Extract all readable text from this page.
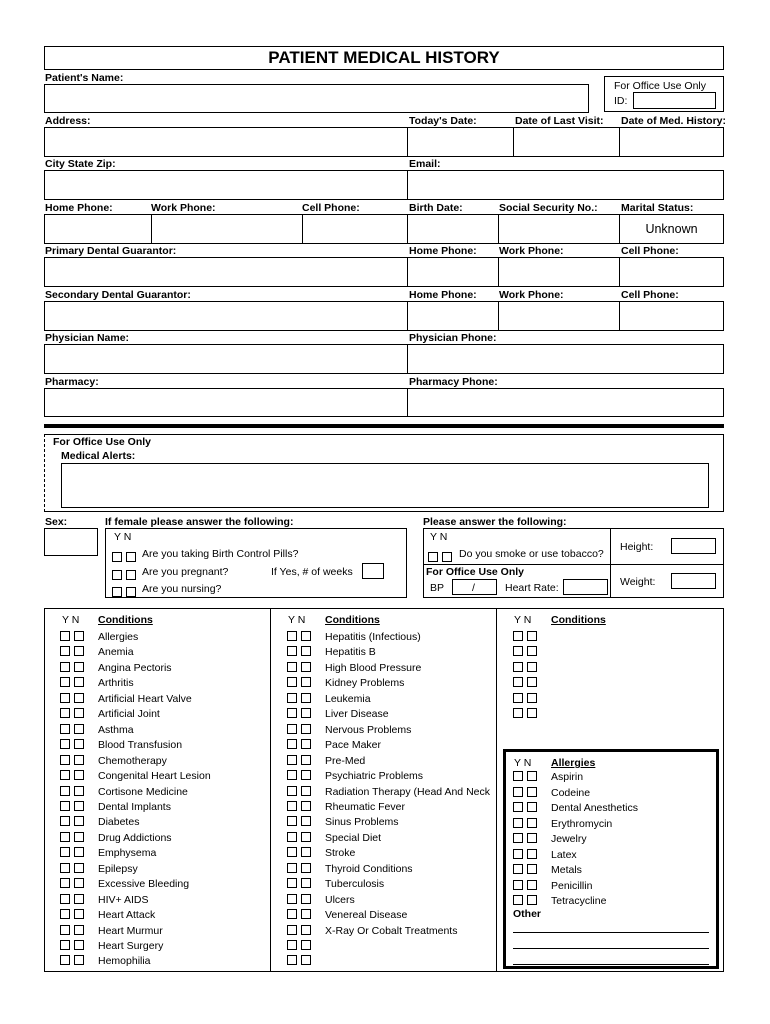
PATIENT MEDICAL HISTORY
Patient's Name:
For Office Use Only
ID:
Address:	Today's Date:	Date of Last Visit: Date of Med. History:
City State Zip:	Email:
Home Phone:	Work Phone:	Cell Phone:	Birth Date:	Social Security No.: Marital Status:
Unknown
Primary Dental Guarantor:	Home Phone: Work Phone:	Cell Phone:
Secondary Dental Guarantor:	Home Phone: Work Phone:	Cell Phone:
Physician Name:	Physician Phone:
Pharmacy:	Pharmacy Phone:
For Office Use Only
Medical Alerts:
Sex:	If female please answer the following:
Y N
Are you taking Birth Control Pills?
Are you pregnant?	If Yes, # of weeks
Are you nursing?
Please answer the following:
Y N
Do you smoke or use tobacco?
For Office Use Only
BP	/	Heart Rate:
Height:
Weight:
Y N Conditions	Y N Conditions	Y N Conditions
Allergies
Anemia
Angina Pectoris
Arthritis
Artificial Heart Valve
Artificial Joint
Asthma
Blood Transfusion
Chemotherapy
Congenital Heart Lesion
Cortisone Medicine
Dental Implants
Diabetes
Drug Addictions
Emphysema
Epilepsy
Excessive Bleeding
HIV+ AIDS
Heart Attack
Heart Murmur
Heart Surgery
Hemophilia
Hepatitis (Infectious)
Hepatitis B
High Blood Pressure
Kidney Problems
Leukemia
Liver Disease
Nervous Problems
Pace Maker
Pre-Med
Psychiatric Problems
Radiation Therapy (Head And Neck
Rheumatic Fever
Sinus Problems
Special Diet
Stroke
Thyroid Conditions
Tuberculosis
Ulcers
Venereal Disease
X-Ray Or Cobalt Treatments
Y N Allergies
Aspirin
Codeine
Dental Anesthetics
Erythromycin
Jewelry
Latex
Metals
Penicillin
Tetracycline
Other
